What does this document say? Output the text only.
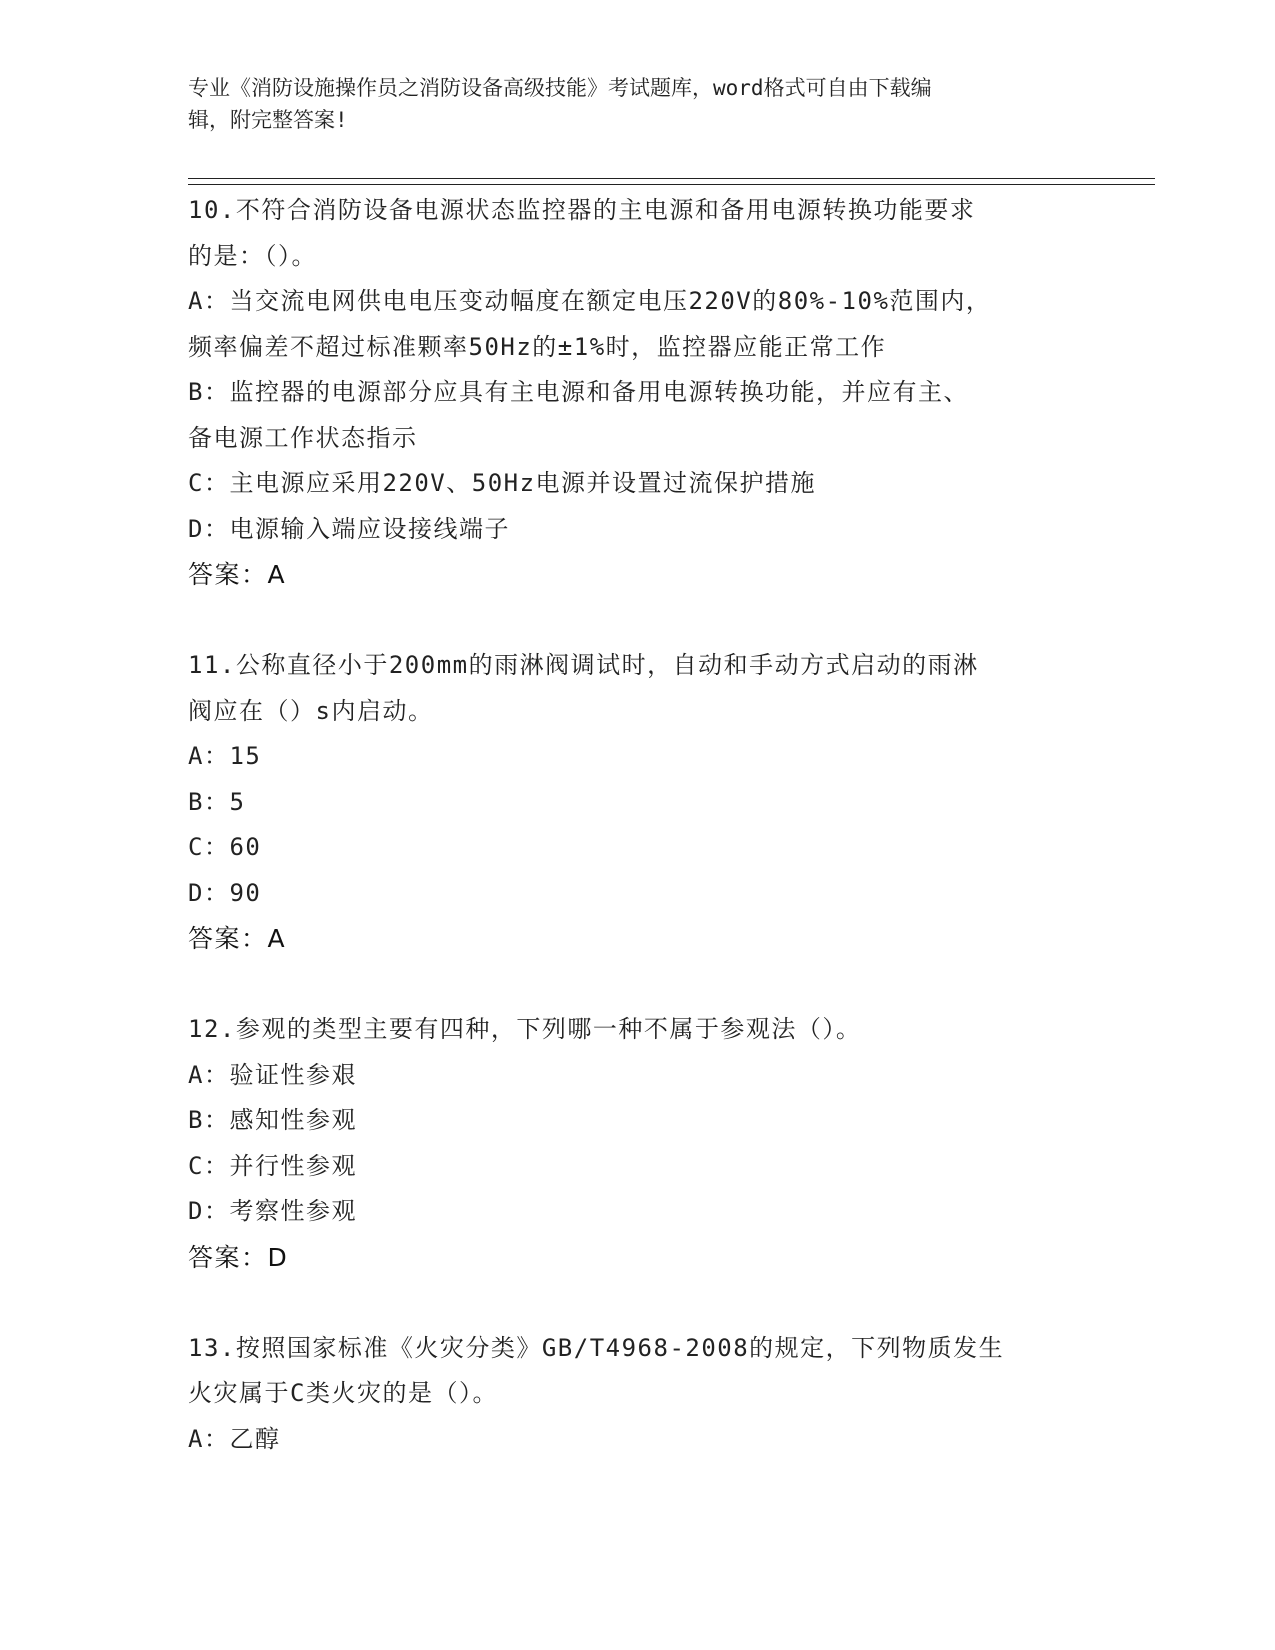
专业《消防设施操作员之消防设备高级技能》考试题库，word格式可自由下载编
辑，附完整答案!
10.不符合消防设备电源状态监控器的主电源和备用电源转换功能要求
的是：（）。
A：当交流电网供电电压变动幅度在额定电压220V的80%-10%范围内，
频率偏差不超过标准颗率50Hz的±1%时，监控器应能正常工作
B：监控器的电源部分应具有主电源和备用电源转换功能，并应有主、
备电源工作状态指示
C：主电源应采用220V、50Hz电源并设置过流保护措施
D：电源输入端应设接线端子
答案：A
11.公称直径小于200mm的雨淋阀调试时，自动和手动方式启动的雨淋
阀应在（）s内启动。
A：15
B：5
C：60
D：90
答案：A
12.参观的类型主要有四种，下列哪一种不属于参观法（）。
A：验证性参艰
B：感知性参观
C：并行性参观
D：考察性参观
答案：D
13.按照国家标准《火灾分类》GB/T4968-2008的规定，下列物质发生
火灾属于C类火灾的是（）。
A：乙醇
